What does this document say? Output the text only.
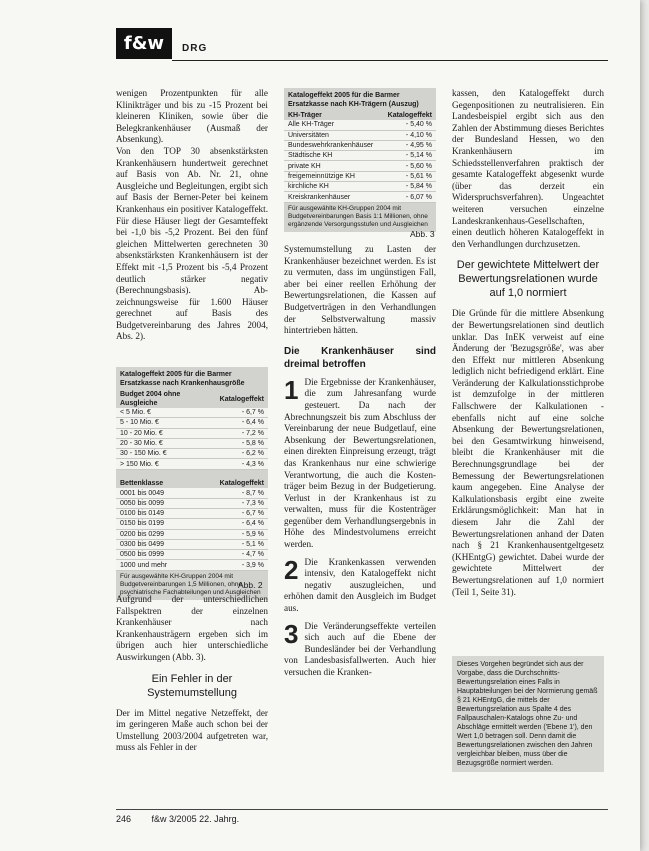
f&w	DRG

wenigen Prozentpunkten für alle Klinikträger und bis zu -15 Prozent bei kleineren Kliniken, sowie über die Belegkrankenhäuser (Ausmaß der Absenkung).

Von den TOP 30 absenkstärksten Krankenhäusern hundertweit gerechnet auf Basis von Ab. Nr. 21, ohne Ausgleiche und Begleitungen, ergibt sich auf Basis der Berner-Peter bei keinem Krankenhaus ein positiver Katalogeffekt. Für diese Häuser liegt der Gesamteffekt bei -1,0 bis -5,2 Prozent. Bei den fünf gleichen Mittelwerten gerechneten 30 absenkstärksten Krankenhäusern ist der Effekt mit -1,5 Prozent bis -5,4 Prozent deutlich stärker negativ (Berechnungsbasis). Ab- zeichnungsweise für 1.600 Häuser gerechnet auf Basis des Budgetvereinbarung des Jahres 2004, Abs. 2).

Katalogeffekt 2005 für die Barmer Ersatzkasse nach Krankenhausgröße
Budget 2004 ohne Ausgleiche	Katalogeffekt
< 5 Mio. €	- 6,7 %
5 - 10 Mio. €	- 6,4 %
10 - 20 Mio. €	- 7,2 %
20 - 30 Mio. €	- 5,8 %
30 - 150 Mio. €	- 6,2 %
> 150 Mio. €	- 4,3 %

Bettenklasse	Katalogeffekt
0001 bis 0049	- 8,7 %
0050 bis 0099	- 7,3 %
0100 bis 0149	- 6,7 %
0150 bis 0199	- 6,4 %
0200 bis 0299	- 5,9 %
0300 bis 0499	- 5,1 %
0500 bis 0999	- 4,7 %
1000 und mehr	- 3,9 %
Für ausgewählte KH-Gruppen 2004 mit Budgetvereinbarungen 1,5 Millionen, ohne psychiatrische Fachabteilungen und Ausgleichen
Abb. 2

Aufgrund der unterschiedlichen Fallspektren der einzelnen Krankenhäuser nach Krankenhausträgern ergeben sich im übrigen auch hier unterschiedliche Auswirkungen (Abb. 3).

Ein Fehler in der Systemumstellung

Der im Mittel negative Netzeffekt, der im geringeren Maße auch schon bei der Umstellung 2003/2004 aufgetreten war, muss als Fehler in der

Katalogeffekt 2005 für die Barmer Ersatzkasse nach KH-Trägern (Auszug)
KH-Träger	Katalogeffekt
Alle KH-Träger	- 5,40 %
Universitäten	- 4,10 %
Bundeswehrkrankenhäuser	- 4,95 %
Städtische KH	- 5,14 %
private KH	- 5,60 %
freigemeinnützige KH	- 5,61 %
kirchliche KH	- 5,84 %
Kreiskrankenhäuser	- 6,07 %
Für ausgewählte KH-Gruppen 2004 mit Budgetvereinbarungen Basis 1:1 Millionen, ohne ergänzende Versorgungsstufen und Ausgleichen
Abb. 3

Systemumstellung zu Lasten der Krankenhäuser bezeichnet werden. Es ist zu vermuten, dass im ungünstigen Fall, aber bei einer reellen Erhöhung der Bewertungsrelationen, die Kassen auf Budgetverträgen in den Verhandlungen der Selbstverwaltung massiv hintertrieben hätten.

Die Krankenhäuser sind dreimal betroffen
1 Die Ergebnisse der Krankenhäuser, die zum Jahresanfang wurde gesteuert. Da nach der Abrechnungszeit bis zum Abschluss der Vereinbarung der neue Budgetlauf, eine Absenkung der Bewertungsrelationen, einen direkten Einpreisung erzeugt, trägt das Krankenhaus nur eine schwierige Verantwortung, die auch die Kosten- träger beim Bezug in der Budgetierung. Verlust in der Krankenhaus ist zu verwalten, muss für die Kostenträger gegenüber dem Verhandlungsergebnis in Höhe des Mindestvolumens erreicht werden.

2 Die Krankenkassen verwenden intensiv, den Katalogeffekt nicht negativ auszugleichen, und erhöhen damit den Ausgleich im Budget aus.

3 Die Veränderungseffekte verteilen sich auch auf die Ebene der Bundesländer bei der Verhandlung von Landesbasisfallwerten. Auch hier versuchen die Kranken-

kassen, den Katalogeffekt durch Gegenpositionen zu neutralisieren. Ein Landesbeispiel ergibt sich aus den Zahlen der Abstimmung dieses Berichtes der Bundesland Hessen, wo den Krankenhäusern im Schiedsstellenverfahren praktisch der gesamte Katalogeffekt abgesenkt wurde (über das derzeit ein Widerspruchsverfahren). Ungeachtet weiteren versuchen einzelne Landeskrankenhaus-Gesellschaften, einen deutlich höheren Katalogeffekt in den Verhandlungen durchzusetzen.

Der gewichtete Mittelwert der Bewertungsrelationen wurde auf 1,0 normiert

Die Gründe für die mittlere Absenkung der Bewertungsrelationen sind deutlich unklar. Das InEK verweist auf eine Änderung der 'Bezugsgröße', was aber den Effekt nur mittleren Absenkung lediglich nicht befriedigend erklärt. Eine Veränderung der Kalkulationsstichprobe ist demzufolge in der mittleren Fallschwere der Kalkulationen - ebenfalls nicht auf eine solche Absenkung der Bewertungsrelationen, bei den Gesamtwirkung hinweisend, bleibt die Krankenhäuser mit die Berechnungsgrundlage bei der Bemessung der Bewertungsrelationen kaum angegeben. Eine Analyse der Kalkulationsbasis ergibt eine zweite Erklärungsmöglichkeit: Man hat in diesem Jahr die Zahl der Bewertungsrelationen anhand der Daten nach § 21 Krankenhausentgeltgesetz (KHEntgG) gewichtet. Dabei wurde der gewichtete Mittelwert der Bewertungsrelationen auf 1,0 normiert (Teil 1, Seite 31).

Dieses Vorgehen begründet sich aus der Vorgabe, dass die Durchschnitts-Bewertungsrelation eines Falls in Hauptabteilungen bei der Normierung gemäß § 21 KHEntgG, die mittels der Bewertungsrelation aus Spalte 4 des Fallpauschalen-Katalogs ohne Zu- und Abschläge ermittelt werden ('Ebene 1'), den Wert 1,0 betragen soll. Denn damit die Bewertungsrelationen zwischen den Jahren vergleichbar bleiben, muss über die Bezugsgröße normiert werden.
246 f&w 3/2005 22. Jahrg.
